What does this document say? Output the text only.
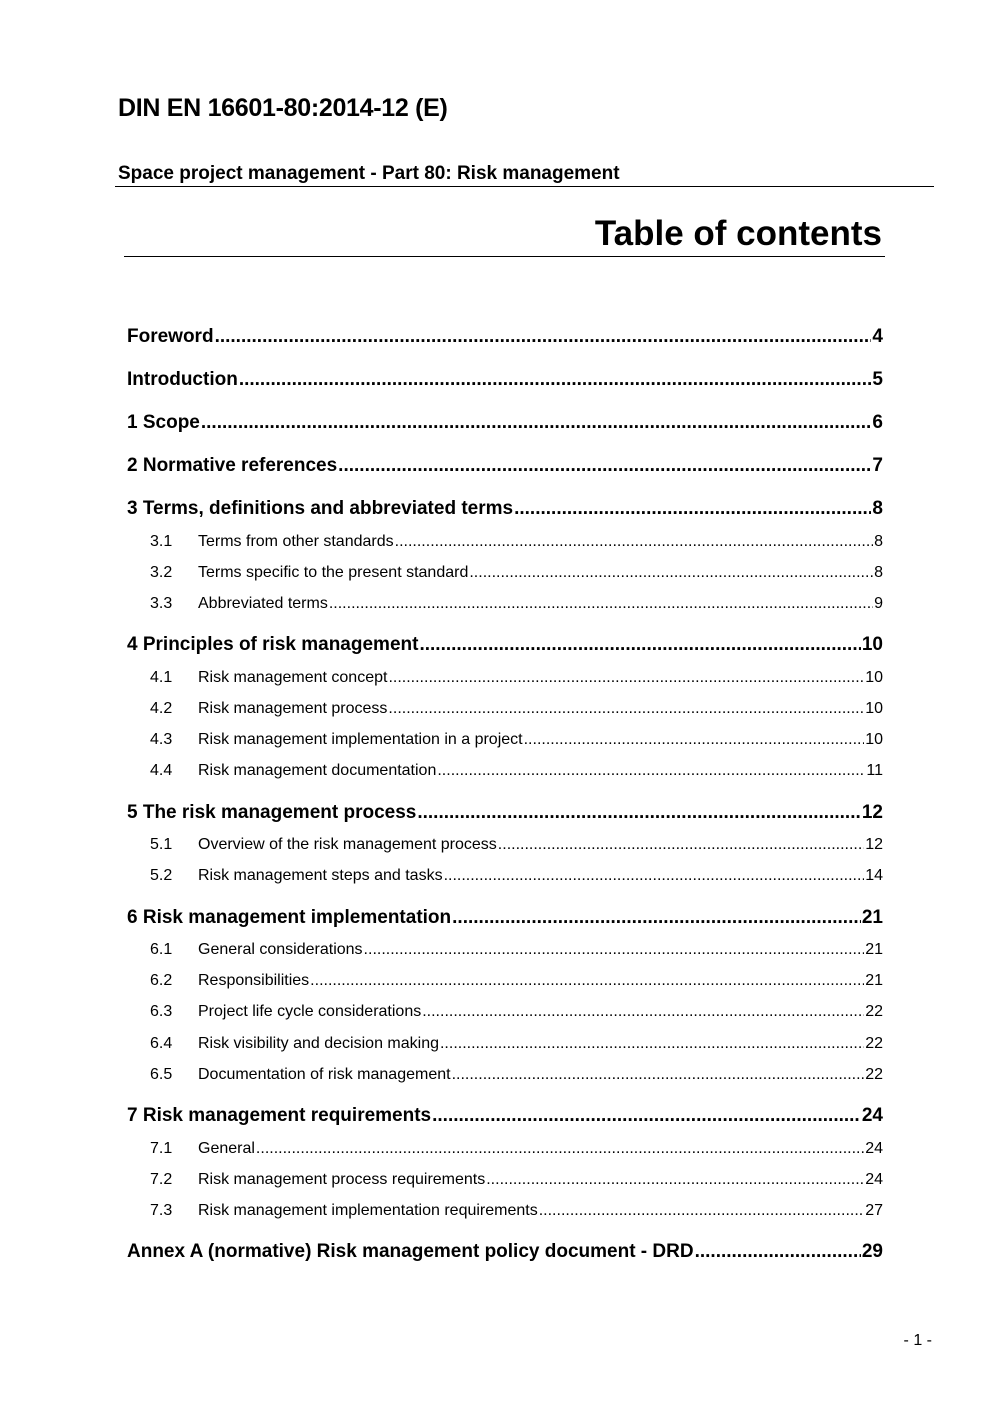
DIN EN 16601-80:2014-12 (E)
Space project management - Part 80: Risk management
Table of contents
Foreword .....	4
Introduction .....	5
1 Scope .....	6
2 Normative references .....	7
3 Terms, definitions and abbreviated terms .....	8
3.1	Terms from other standards .....	8
3.2	Terms specific to the present standard .....	8
3.3	Abbreviated terms .....	9
4 Principles of risk management .....	10
4.1	Risk management concept .....	10
4.2	Risk management process .....	10
4.3	Risk management implementation in a project .....	10
4.4	Risk management documentation .....	11
5 The risk management process .....	12
5.1	Overview of the risk management process .....	12
5.2	Risk management steps and tasks .....	14
6 Risk management implementation .....	21
6.1	General considerations .....	21
6.2	Responsibilities .....	21
6.3	Project life cycle considerations .....	22
6.4	Risk visibility and decision making .....	22
6.5	Documentation of risk management .....	22
7 Risk management requirements .....	24
7.1	General .....	24
7.2	Risk management process requirements .....	24
7.3	Risk management implementation requirements .....	27
Annex A (normative) Risk management policy document - DRD .....	29
- 1 -
